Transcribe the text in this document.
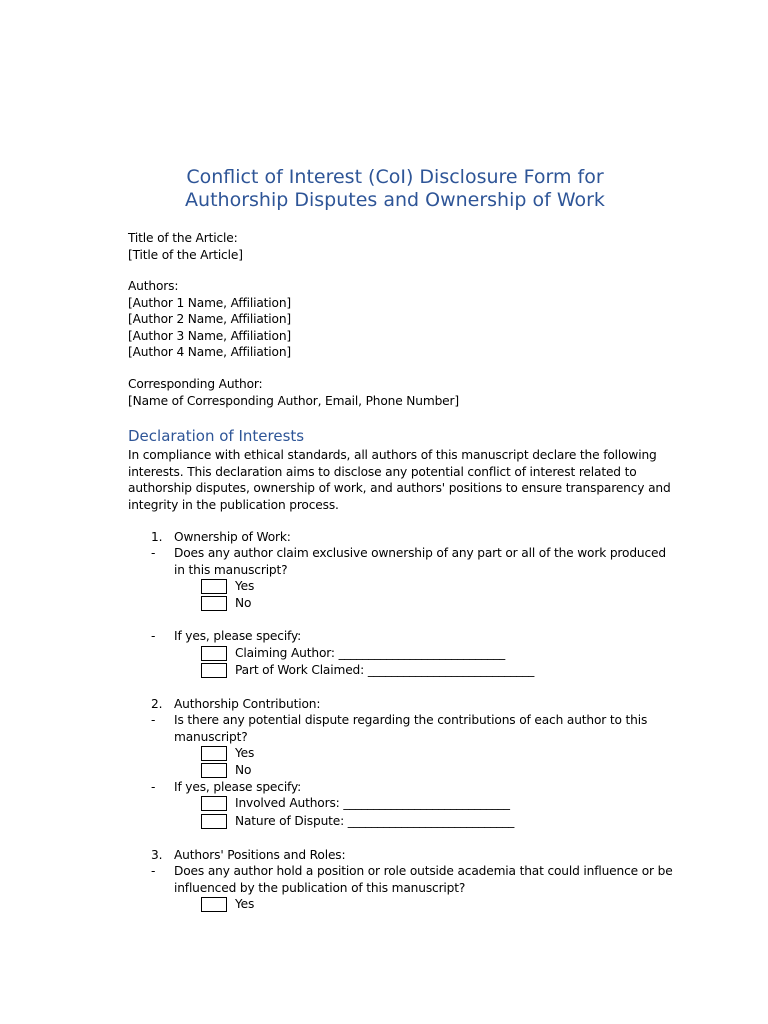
Conflict of Interest (CoI) Disclosure Form for
Authorship Disputes and Ownership of Work
Title of the Article:
[Title of the Article]
Authors:
[Author 1 Name, Affiliation]
[Author 2 Name, Affiliation]
[Author 3 Name, Affiliation]
[Author 4 Name, Affiliation]
Corresponding Author:
[Name of Corresponding Author, Email, Phone Number]
Declaration of Interests
In compliance with ethical standards, all authors of this manuscript declare the following
interests. This declaration aims to disclose any potential conflict of interest related to
authorship disputes, ownership of work, and authors' positions to ensure transparency and
integrity in the publication process.
1. Ownership of Work:
-	Does any author claim exclusive ownership of any part or all of the work produced
in this manuscript?
Yes
No
-	If yes, please specify:
Claiming Author: ____________________________
Part of Work Claimed: ____________________________
2. Authorship Contribution:
-	Is there any potential dispute regarding the contributions of each author to this
manuscript?
Yes
No
-	If yes, please specify:
Involved Authors: ____________________________
Nature of Dispute: ____________________________
3. Authors' Positions and Roles:
-	Does any author hold a position or role outside academia that could influence or be
influenced by the publication of this manuscript?
Yes
